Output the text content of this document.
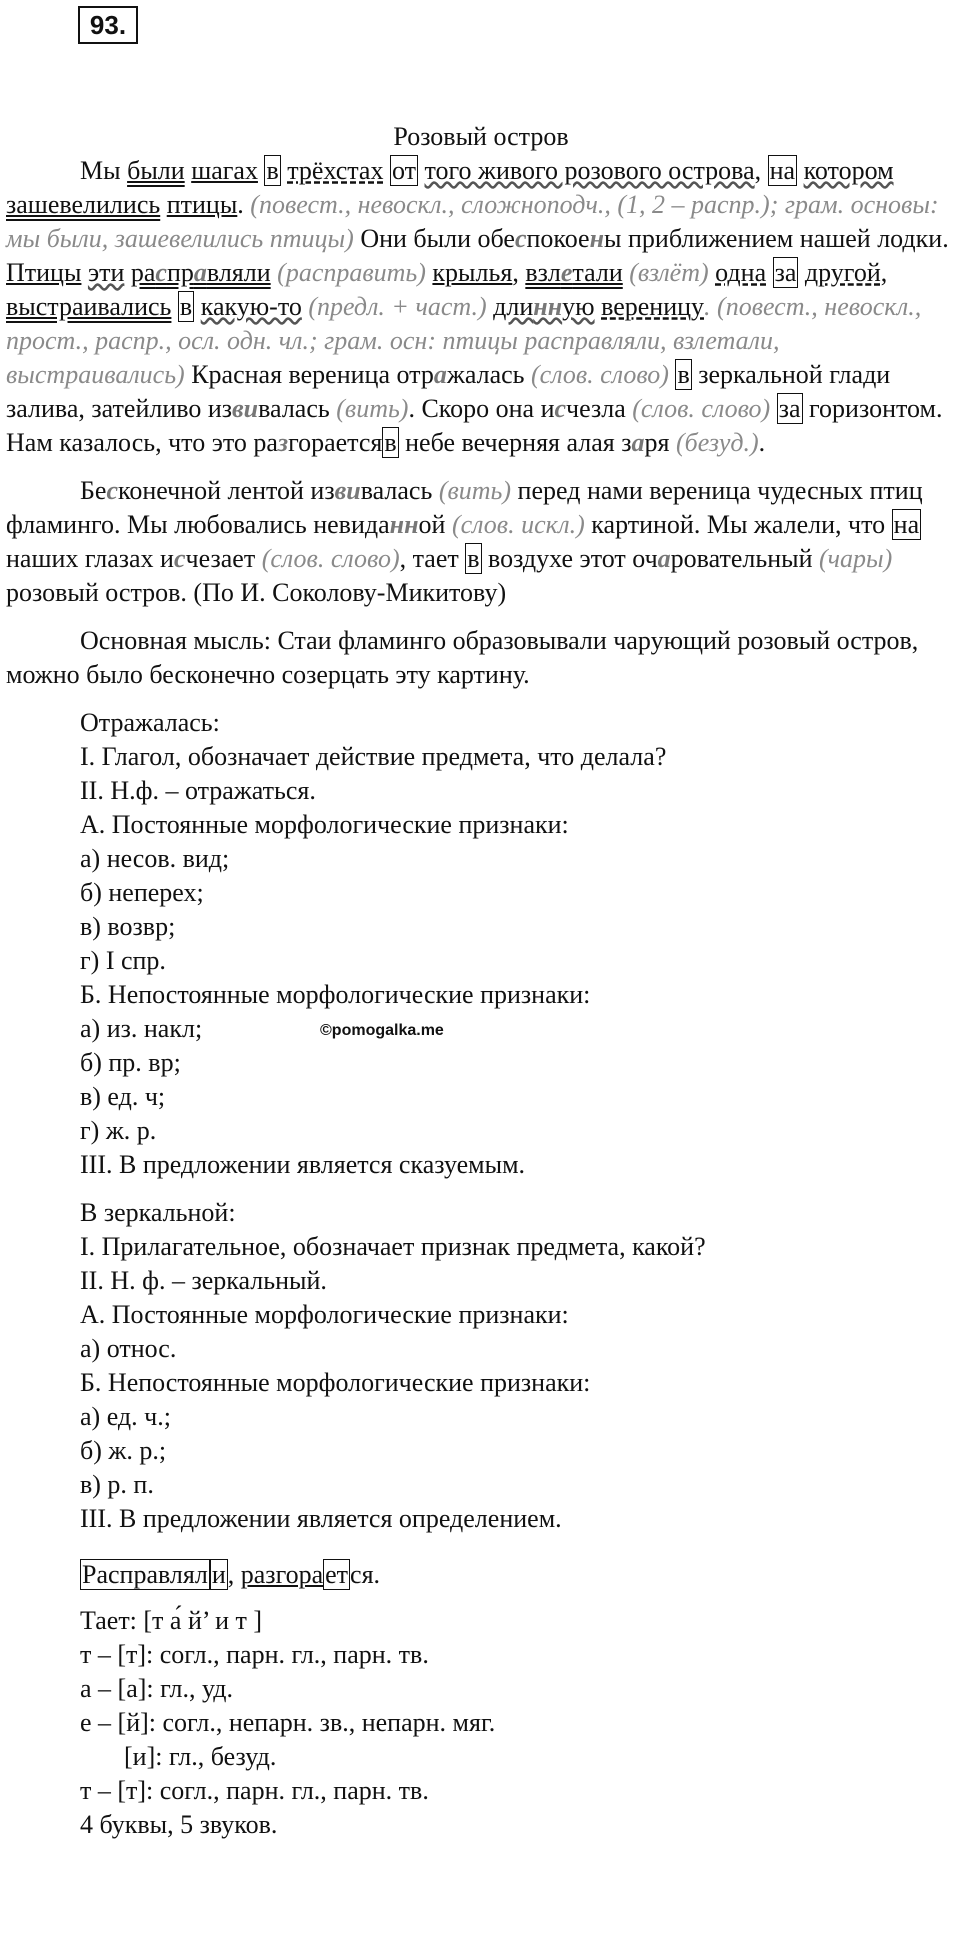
93.

Розовый остров

Мы были шагах в трёхстах от того живого розового острова, на котором зашевелились птицы. (повест., невоскл., сложноподч., (1, 2 – распр.); грам. основы: мы были, зашевелились птицы) Они были обеспокоены приближением нашей лодки. Птицы эти расправляли (расправить) крылья, взлетали (взлёт) одна за другой, выстраивались в какую-то (предл. + част.) длинную вереницу. (повест., невоскл., прост., распр., осл. одн. чл.; грам. осн: птицы расправляли, взлетали, выстраивались) Красная вереница отражалась (слов. слово) в зеркальной глади залива, затейливо извивалась (вить). Скоро она исчезла (слов. слово) за горизонтом. Нам казалось, что это разгораетсяв небе вечерняя алая заря (безуд.).

Бесконечной лентой извивалась (вить) перед нами вереница чудесных птиц фламинго. Мы любовались невиданной (слов. искл.) картиной. Мы жалели, что на наших глазах исчезает (слов. слово), тает в воздухе этот очаровательный (чары) розовый остров. (По И. Соколову-Микитову)

Основная мысль: Стаи фламинго образовывали чарующий розовый остров, можно было бесконечно созерцать эту картину.

Отражалась:

I. Глагол, обозначает действие предмета, что делала?

II. Н.ф. – отражаться.

А. Постоянные морфологические признаки:

а) несов. вид;

б) неперех;

в) возвр;

г) I спр.

Б. Непостоянные морфологические признаки:

а) из. накл;

б) пр. вр;

в) ед. ч;

г) ж. р.

III. В предложении является сказуемым.

В зеркальной:

I. Прилагательное, обозначает признак предмета, какой?

II. Н. ф. – зеркальный.

А. Постоянные морфологические признаки:

а) относ.

Б. Непостоянные морфологические признаки:

а) ед. ч.;

б) ж. р.;

в) р. п.

III. В предложении является определением.

Расправлял и, разгорается.

Тает: [т а́ й’ и т ]

т – [т]: согл., парн. гл., парн. тв.

а – [а]: гл., уд.

е – [й]: согл., непарн. зв., непарн. мяг.

[и]: гл., безуд.

т – [т]: согл., парн. гл., парн. тв.

4 буквы, 5 звуков.

©pomogalka.me
